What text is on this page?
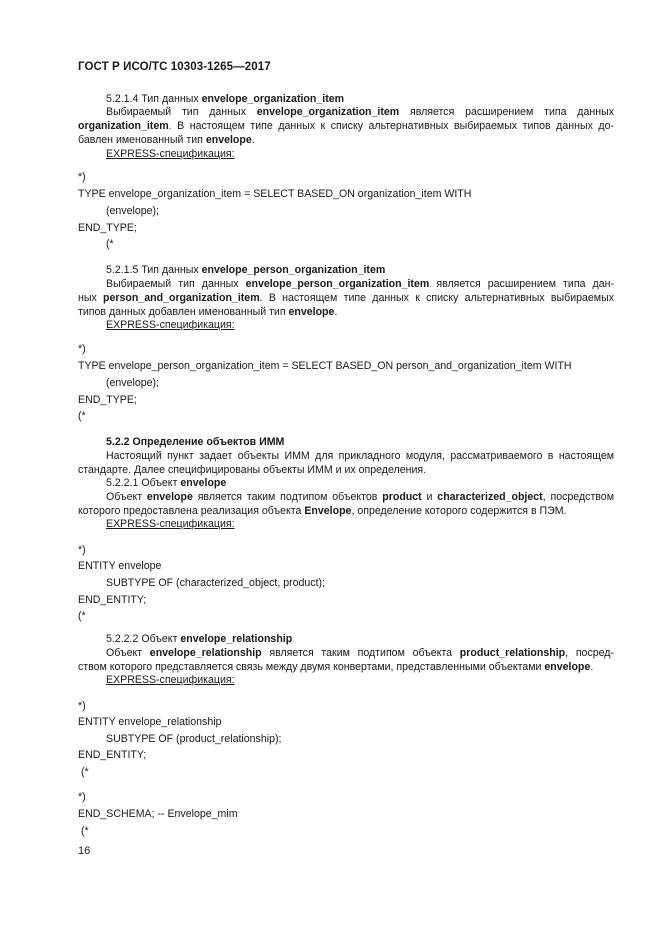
ГОСТ Р ИСО/ТС 10303-1265—2017
5.2.1.4 Тип данных envelope_organization_item
Выбираемый тип данных envelope_organization_item является расширением типа данных
organization_item. В настоящем типе данных к списку альтернативных выбираемых типов данных до-
бавлен именованный тип envelope.
EXPRESS-спецификация:
*)
TYPE envelope_organization_item = SELECT BASED_ON organization_item WITH
(envelope);
END_TYPE;
(*
5.2.1.5 Тип данных envelope_person_organization_item
Выбираемый тип данных envelope_person_organization_item является расширением типа дан-
ных person_and_organization_item. В настоящем типе данных к списку альтернативных выбираемых
типов данных добавлен именованный тип envelope.
EXPRESS-спецификация:
*)
TYPE envelope_person_organization_item = SELECT BASED_ON person_and_organization_item WITH
(envelope);
END_TYPE;
(*
5.2.2 Определение объектов ИММ
Настоящий пункт задает объекты ИММ для прикладного модуля, рассматриваемого в настоящем
стандарте. Далее специфицированы объекты ИММ и их определения.
5.2.2.1 Объект envelope
Объект envelope является таким подтипом объектов product и characterized_object, посредством
которого предоставлена реализация объекта Envelope, определение которого содержится в ПЭМ.
EXPRESS-спецификация:
*)
ENTITY envelope
SUBTYPE OF (characterized_object, product);
END_ENTITY;
(*
5.2.2.2 Объект envelope_relationship
Объект envelope_relationship является таким подтипом объекта product_relationship, посред-
ством которого представляется связь между двумя конвертами, представленными объектами envelope.
EXPRESS-спецификация:
*)
ENTITY envelope_relationship
SUBTYPE OF (product_relationship);
END_ENTITY;
(*
*)
END_SCHEMA; -- Envelope_mim
(*
16
